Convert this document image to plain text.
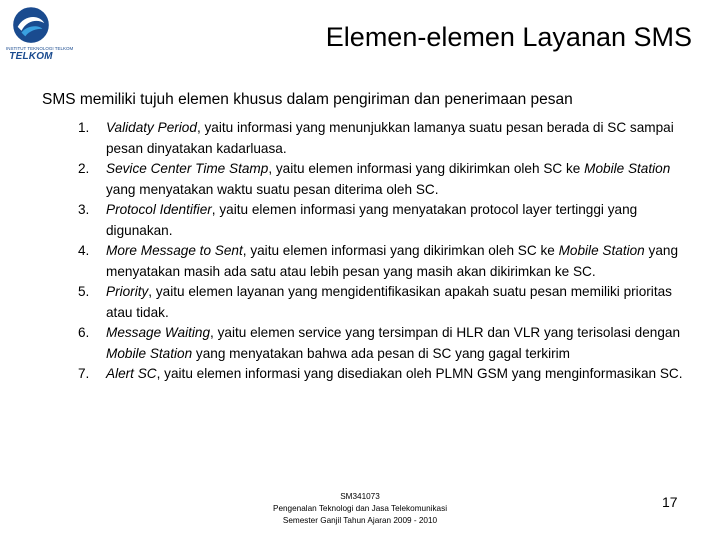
INSTITUT TEKNOLOGI TELKOM
TELKOM
Elemen-elemen Layanan SMS

SMS memiliki tujuh elemen khusus dalam pengiriman dan penerimaan pesan

1. Validaty Period, yaitu informasi yang menunjukkan lamanya suatu pesan berada di SC sampai pesan dinyatakan kadarluasa.
2. Sevice Center Time Stamp, yaitu elemen informasi yang dikirimkan oleh SC ke Mobile Station yang menyatakan waktu suatu pesan diterima oleh SC.
3. Protocol Identifier, yaitu elemen informasi yang menyatakan protocol layer tertinggi yang digunakan.
4. More Message to Sent, yaitu elemen informasi yang dikirimkan oleh SC ke Mobile Station yang menyatakan masih ada satu atau lebih pesan yang masih akan dikirimkan ke SC.
5. Priority, yaitu elemen layanan yang mengidentifikasikan apakah suatu pesan memiliki prioritas atau tidak.
6. Message Waiting, yaitu elemen service yang tersimpan di HLR dan VLR yang terisolasi dengan Mobile Station yang menyatakan bahwa ada pesan di SC yang gagal terkirim
7. Alert SC, yaitu elemen informasi yang disediakan oleh PLMN GSM yang menginformasikan SC.
SM341073
Pengenalan Teknologi dan Jasa Telekomunikasi
Semester Ganjil Tahun Ajaran 2009 - 2010
17
